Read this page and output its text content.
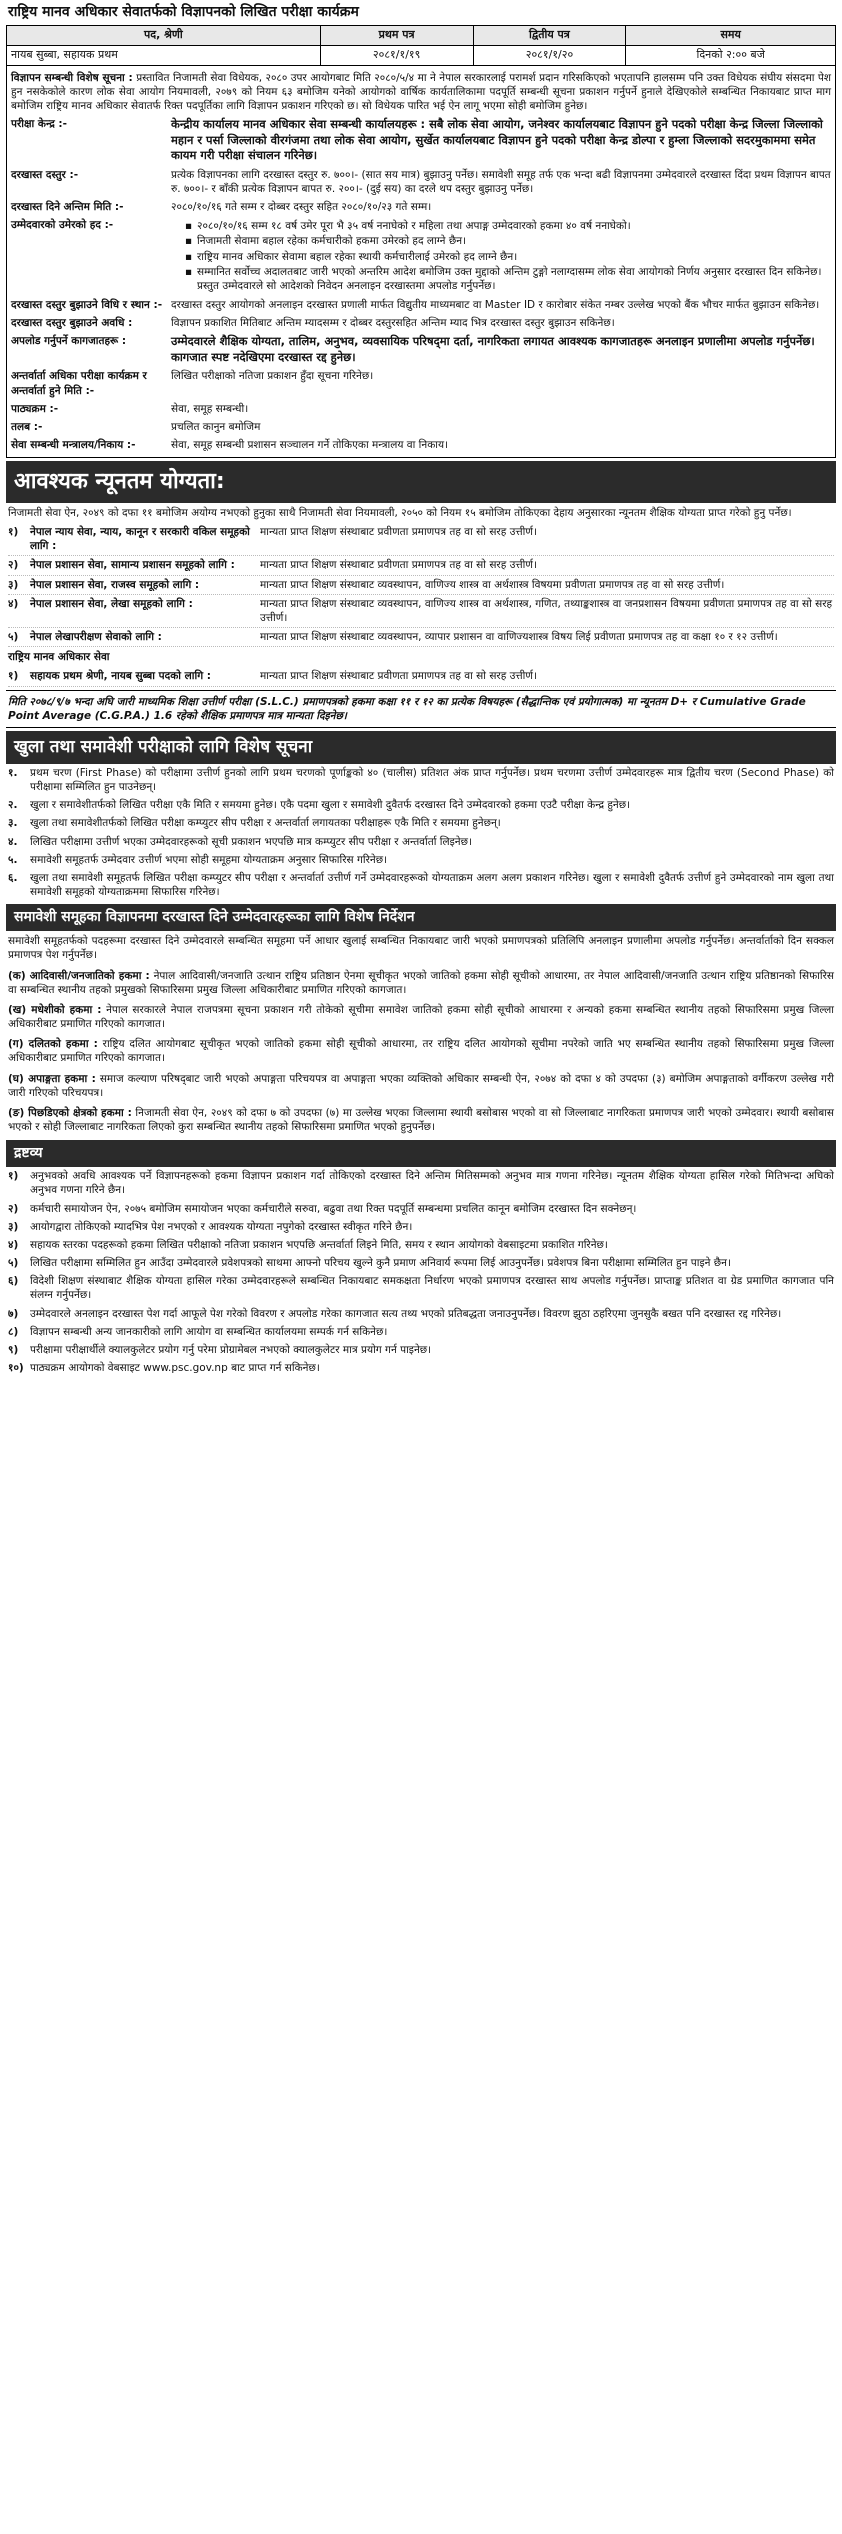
राष्ट्रिय मानव अधिकार सेवातर्फको विज्ञापनको लिखित परीक्षा कार्यक्रम
पद, श्रेणी	प्रथम पत्र	द्वितीय पत्र	समय
नायब सुब्बा, सहायक प्रथम	२०८१/१/१९	२०८१/१/२०	दिनको २:०० बजे
विज्ञापन सम्बन्धी विशेष सूचना : प्रस्तावित निजामती सेवा विधेयक, २०८० उपर आयोगबाट मिति २०८०/५/४ मा ने नेपाल सरकारलाई परामर्श प्रदान गरिसकिएको भएतापनि हालसम्म पनि उक्त विधेयक संघीय संसदमा पेश हुन नसकेकोले कारण लोक सेवा आयोग नियमावली, २०७९ को नियम ६३ बमोजिम यनेको आयोगको वार्षिक कार्यतालिकामा पदपूर्ति सम्बन्धी सूचना प्रकाशन गर्नुपर्ने हुनाले देखिएकोले सम्बन्धित निकायबाट प्राप्त माग बमोजिम राष्ट्रिय मानव अधिकार सेवातर्फ रिक्त पदपूर्तिका लागि विज्ञापन प्रकाशन गरिएको छ। सो विधेयक पारित भई ऐन लागू भएमा सोही बमोजिम हुनेछ।
परीक्षा केन्द्र :-	केन्द्रीय कार्यालय मानव अधिकार सेवा सम्बन्धी कार्यालयहरू : सबै लोक सेवा आयोग, जनेश्वर कार्यालयबाट विज्ञापन हुने पदको परीक्षा केन्द्र जिल्ला जिल्लाको महान र पर्सा जिल्लाको वीरगंजमा तथा लोक सेवा आयोग, सुर्खेत कार्यालयबाट विज्ञापन हुने पदको परीक्षा केन्द्र डोल्पा र हुम्ला जिल्लाको सदरमुकाममा समेत कायम गरी परीक्षा संचालन गरिनेछ।
दरखास्त दस्तुर :-	प्रत्येक विज्ञापनका लागि दरखास्त दस्तुर रु. ७००।- (सात सय मात्र) बुझाउनु पर्नेछ। समावेशी समूह तर्फ एक भन्दा बढी विज्ञापनमा उम्मेदवारले दरखास्त दिंदा प्रथम विज्ञापन बापत रु. ७००।- र बाँकी प्रत्येक विज्ञापन बापत रु. २००।- (दुई सय) का दरले थप दस्तुर बुझाउनु पर्नेछ।
दरखास्त दिने अन्तिम मिति :-	२०८०/१०/१६ गते सम्म र दोब्बर दस्तुर सहित २०८०/१०/२३ गते सम्म।
उम्मेदवारको उमेरको हद :-	▪ २०८०/१०/१६ सम्म १८ वर्ष उमेर पूरा भै ३५ वर्ष ननाघेको र महिला तथा अपाङ्ग उम्मेदवारको हकमा ४० वर्ष ननाघेको।
▪ निजामती सेवामा बहाल रहेका कर्मचारीको हकमा उमेरको हद लाग्ने छैन।
▪ राष्ट्रिय मानव अधिकार सेवामा बहाल रहेका स्थायी कर्मचारीलाई उमेरको हद लाग्ने छैन।
▪ सम्मानित सर्वोच्च अदालतबाट जारी भएको अन्तरिम आदेश बमोजिम उक्त मुद्दाको अन्तिम टुङ्गो नलाग्दासम्म लोक सेवा आयोगको निर्णय अनुसार दरखास्त दिन सकिनेछ। प्रस्तुत उम्मेदवारले सो आदेशको निवेदन अनलाइन दरखास्तमा अपलोड गर्नुपर्नेछ।
दरखास्त दस्तुर बुझाउने विधि र स्थान :- दरखास्त दस्तुर आयोगको अनलाइन दरखास्त प्रणाली मार्फत विद्युतीय माध्यमबाट वा Master ID र कारोबार संकेत नम्बर उल्लेख भएको बैंक भौचर मार्फत बुझाउन सकिनेछ।
दरखास्त दस्तुर बुझाउने अवधि :	विज्ञापन प्रकाशित मितिबाट अन्तिम म्यादसम्म र दोब्बर दस्तुरसहित अन्तिम म्याद भित्र दरखास्त दस्तुर बुझाउन सकिनेछ।
अपलोड गर्नुपर्ने कागजातहरू :	उम्मेदवारले शैक्षिक योग्यता, तालिम, अनुभव, व्यवसायिक परिषद्‌मा दर्ता, नागरिकता लगायत आवश्यक कागजातहरू अनलाइन प्रणालीमा अपलोड गर्नुपर्नेछ। कागजात स्पष्ट नदेखिएमा दरखास्त रद्द हुनेछ।
अन्तर्वार्ता अधिका परीक्षा कार्यक्रम र अन्तर्वार्ता हुने मिति :-
लिखित परीक्षाको नतिजा प्रकाशन हुँदा सूचना गरिनेछ।
पाठ्यक्रम :-	सेवा, समूह सम्बन्धी।
तलब :-	प्रचलित कानुन बमोजिम
सेवा सम्बन्धी मन्त्रालय/निकाय :-	सेवा, समूह सम्बन्धी प्रशासन सञ्चालन गर्ने तोकिएका मन्त्रालय वा निकाय।
आवश्यक न्यूनतम योग्यता:
निजामती सेवा ऐन, २०४९ को दफा ११ बमोजिम अयोग्य नभएको हुनुका साथै निजामती सेवा नियमावली, २०५० को नियम १५ बमोजिम तोकिएका देहाय अनुसारका न्यूनतम शैक्षिक योग्यता प्राप्त गरेको हुनु पर्नेछ।
१)	नेपाल न्याय सेवा, न्याय, कानून र सरकारी वकिल समूहको लागि :
मान्यता प्राप्त शिक्षण संस्थाबाट प्रवीणता प्रमाणपत्र तह वा सो सरह उत्तीर्ण।
२)	नेपाल प्रशासन सेवा, सामान्य प्रशासन समूहको लागि :	मान्यता प्राप्त शिक्षण संस्थाबाट प्रवीणता प्रमाणपत्र तह वा सो सरह उत्तीर्ण।
३)	नेपाल प्रशासन सेवा, राजस्व समूहको लागि :	मान्यता प्राप्त शिक्षण संस्थाबाट व्यवस्थापन, वाणिज्य शास्त्र वा अर्थशास्त्र विषयमा प्रवीणता प्रमाणपत्र तह वा सो सरह उत्तीर्ण।
४)	नेपाल प्रशासन सेवा, लेखा समूहको लागि :	मान्यता प्राप्त शिक्षण संस्थाबाट व्यवस्थापन, वाणिज्य शास्त्र वा अर्थशास्त्र, गणित, तथ्याङ्कशास्त्र वा जनप्रशासन विषयमा प्रवीणता प्रमाणपत्र तह वा सो सरह उत्तीर्ण।
५)	नेपाल लेखापरीक्षण सेवाको लागि :	मान्यता प्राप्त शिक्षण संस्थाबाट व्यवस्थापन, व्यापार प्रशासन वा वाणिज्यशास्त्र विषय लिई प्रवीणता प्रमाणपत्र तह वा कक्षा १० र १२ उत्तीर्ण।
राष्ट्रिय मानव अधिकार सेवा
१)	सहायक प्रथम श्रेणी, नायब सुब्बा पदको लागि :	मान्यता प्राप्त शिक्षण संस्थाबाट प्रवीणता प्रमाणपत्र तह वा सो सरह उत्तीर्ण।
मिति २०७८/९/७ भन्दा अघि जारी माध्यमिक शिक्षा उत्तीर्ण परीक्षा (S.L.C.) प्रमाणपत्रको हकमा कक्षा ११ र १२ का प्रत्येक विषयहरू (सैद्धान्तिक एवं प्रयोगात्मक) मा न्यूनतम D+ र Cumulative Grade Point Average (C.G.P.A.) 1.6 रहेको शैक्षिक प्रमाणपत्र मात्र मान्यता दिइनेछ।
खुला तथा समावेशी परीक्षाको लागि विशेष सूचना
१.	प्रथम चरण (First Phase) को परीक्षामा उत्तीर्ण हुनको लागि प्रथम चरणको पूर्णाङ्कको ४० (चालीस) प्रतिशत अंक प्राप्त गर्नुपर्नेछ। प्रथम चरणमा उत्तीर्ण उम्मेदवारहरू मात्र द्वितीय चरण (Second Phase) को परीक्षामा सम्मिलित हुन पाउनेछन्।
२.	खुला र समावेशीतर्फको लिखित परीक्षा एकै मिति र समयमा हुनेछ। एकै पदमा खुला र समावेशी दुवैतर्फ दरखास्त दिने उम्मेदवारको हकमा एउटै परीक्षा केन्द्र हुनेछ।
३.	खुला तथा समावेशीतर्फको लिखित परीक्षा कम्प्युटर सीप परीक्षा र अन्तर्वार्ता लगायतका परीक्षाहरू एकै मिति र समयमा हुनेछन्।
४.	लिखित परीक्षामा उत्तीर्ण भएका उम्मेदवारहरूको सूची प्रकाशन भएपछि मात्र कम्प्युटर सीप परीक्षा र अन्तर्वार्ता लिइनेछ।
५.	समावेशी समूहतर्फ उम्मेदवार उत्तीर्ण भएमा सोही समूहमा योग्यताक्रम अनुसार सिफारिस गरिनेछ।
६.	खुला तथा समावेशी समूहतर्फ लिखित परीक्षा कम्प्युटर सीप परीक्षा र अन्तर्वार्ता उत्तीर्ण गर्ने उम्मेदवारहरूको योग्यताक्रम अलग अलग प्रकाशन गरिनेछ। खुला र समावेशी दुवैतर्फ उत्तीर्ण हुने उम्मेदवारको नाम खुला तथा समावेशी समूहको योग्यताक्रममा सिफारिस गरिनेछ।
समावेशी समूहका विज्ञापनमा दरखास्त दिने उम्मेदवारहरूका लागि विशेष निर्देशन
समावेशी समूहतर्फको पदहरूमा दरखास्त दिने उम्मेदवारले सम्बन्धित समूहमा पर्ने आधार खुलाई सम्बन्धित निकायबाट जारी भएको प्रमाणपत्रको प्रतिलिपि अनलाइन प्रणालीमा अपलोड गर्नुपर्नेछ। अन्तर्वार्ताको दिन सक्कल प्रमाणपत्र पेश गर्नुपर्नेछ।
(क) आदिवासी/जनजातिको हकमा : नेपाल आदिवासी/जनजाति उत्थान राष्ट्रिय प्रतिष्ठान ऐनमा सूचीकृत भएको जातिको हकमा सोही सूचीको आधारमा, तर नेपाल आदिवासी/जनजाति उत्थान राष्ट्रिय प्रतिष्ठानको सिफारिस वा सम्बन्धित स्थानीय तहको प्रमुखको सिफारिसमा प्रमुख जिल्ला अधिकारीबाट प्रमाणित गरिएको कागजात।
(ख) मधेशीको हकमा : नेपाल सरकारले नेपाल राजपत्रमा सूचना प्रकाशन गरी तोकेको सूचीमा समावेश जातिको हकमा सोही सूचीको आधारमा र अन्यको हकमा सम्बन्धित स्थानीय तहको सिफारिसमा प्रमुख जिल्ला अधिकारीबाट प्रमाणित गरिएको कागजात।
(ग) दलितको हकमा : राष्ट्रिय दलित आयोगबाट सूचीकृत भएको जातिको हकमा सोही सूचीको आधारमा, तर राष्ट्रिय दलित आयोगको सूचीमा नपरेको जाति भए सम्बन्धित स्थानीय तहको सिफारिसमा प्रमुख जिल्ला अधिकारीबाट प्रमाणित गरिएको कागजात।
(घ) अपाङ्गता हकमा : समाज कल्याण परिषद्‌बाट जारी भएको अपाङ्गता परिचयपत्र वा अपाङ्गता भएका व्यक्तिको अधिकार सम्बन्धी ऐन, २०७४ को दफा ४ को उपदफा (३) बमोजिम अपाङ्गताको वर्गीकरण उल्लेख गरी जारी गरिएको परिचयपत्र।
(ङ) पिछडिएको क्षेत्रको हकमा : निजामती सेवा ऐन, २०४९ को दफा ७ को उपदफा (७) मा उल्लेख भएका जिल्लामा स्थायी बसोबास भएको वा सो जिल्लाबाट नागरिकता प्रमाणपत्र जारी भएको उम्मेदवार। स्थायी बसोबास भएको र सोही जिल्लाबाट नागरिकता लिएको कुरा सम्बन्धित स्थानीय तहको सिफारिसमा प्रमाणित भएको हुनुपर्नेछ।
द्रष्टव्य
१)	अनुभवको अवधि आवश्यक पर्ने विज्ञापनहरूको हकमा विज्ञापन प्रकाशन गर्दा तोकिएको दरखास्त दिने अन्तिम मितिसम्मको अनुभव मात्र गणना गरिनेछ। न्यूनतम शैक्षिक योग्यता हासिल गरेको मितिभन्दा अघिको अनुभव गणना गरिने छैन।
२)	कर्मचारी समायोजन ऐन, २०७५ बमोजिम समायोजन भएका कर्मचारीले सरुवा, बढुवा तथा रिक्त पदपूर्ति सम्बन्धमा प्रचलित कानून बमोजिम दरखास्त दिन सक्नेछन्।
३)	आयोगद्वारा तोकिएको म्यादभित्र पेश नभएको र आवश्यक योग्यता नपुगेको दरखास्त स्वीकृत गरिने छैन।
४)	सहायक स्तरका पदहरूको हकमा लिखित परीक्षाको नतिजा प्रकाशन भएपछि अन्तर्वार्ता लिइने मिति, समय र स्थान आयोगको वेबसाइटमा प्रकाशित गरिनेछ।
५)	लिखित परीक्षामा सम्मिलित हुन आउँदा उम्मेदवारले प्रवेशपत्रको साथमा आफ्नो परिचय खुल्ने कुनै प्रमाण अनिवार्य रूपमा लिई आउनुपर्नेछ। प्रवेशपत्र बिना परीक्षामा सम्मिलित हुन पाइने छैन।
६)	विदेशी शिक्षण संस्थाबाट शैक्षिक योग्यता हासिल गरेका उम्मेदवारहरूले सम्बन्धित निकायबाट समकक्षता निर्धारण भएको प्रमाणपत्र दरखास्त साथ अपलोड गर्नुपर्नेछ। प्राप्ताङ्क प्रतिशत वा ग्रेड प्रमाणित कागजात पनि संलग्न गर्नुपर्नेछ।
७)	उम्मेदवारले अनलाइन दरखास्त पेश गर्दा आफूले पेश गरेको विवरण र अपलोड गरेका कागजात सत्य तथ्य भएको प्रतिबद्धता जनाउनुपर्नेछ। विवरण झुठा ठहरिएमा जुनसुकै बखत पनि दरखास्त रद्द गरिनेछ।
८)	विज्ञापन सम्बन्धी अन्य जानकारीको लागि आयोग वा सम्बन्धित कार्यालयमा सम्पर्क गर्न सकिनेछ।
९)	परीक्षामा परीक्षार्थीले क्यालकुलेटर प्रयोग गर्नु परेमा प्रोग्रामेबल नभएको क्यालकुलेटर मात्र प्रयोग गर्न पाइनेछ।
१०) पाठ्यक्रम आयोगको वेबसाइट www.psc.gov.np बाट प्राप्त गर्न सकिनेछ।
